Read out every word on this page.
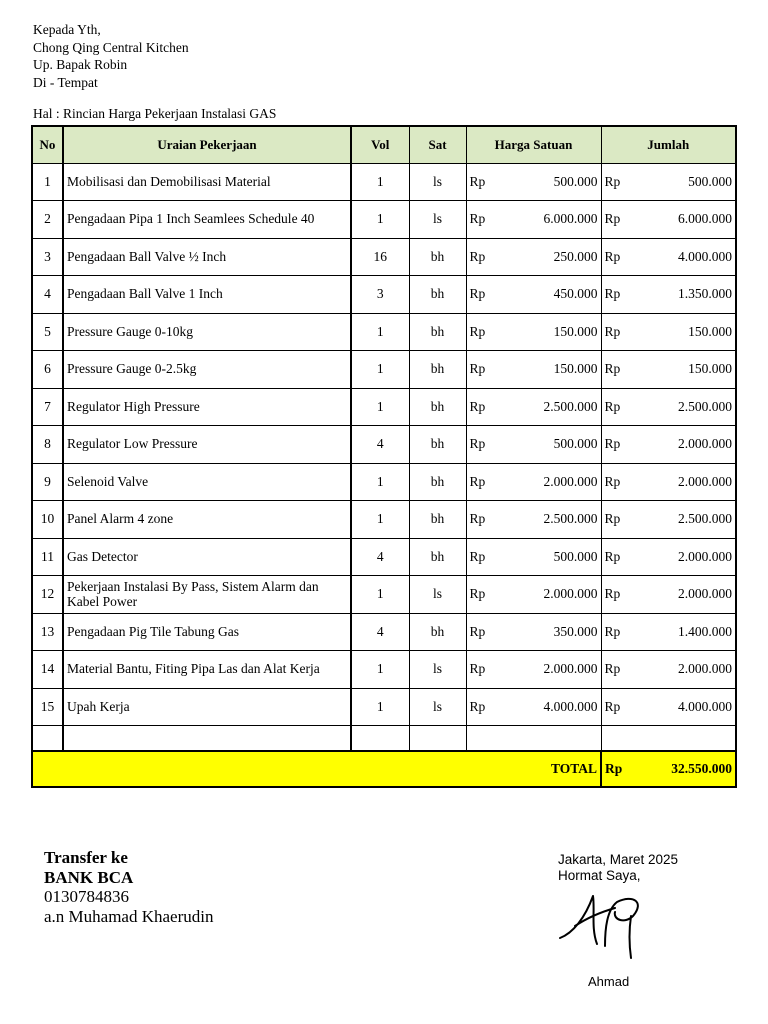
Kepada Yth,
Chong Qing Central Kitchen
Up. Bapak Robin
Di - Tempat
Hal : Rincian Harga Pekerjaan Instalasi GAS
No	Uraian Pekerjaan	Vol	Sat	Harga Satuan	Jumlah
1	Mobilisasi dan Demobilisasi Material	1	ls	Rp 500.000	Rp 500.000

2	Pengadaan Pipa 1 Inch Seamlees Schedule 40	1	ls	Rp 6.000.000	Rp 6.000.000

3	Pengadaan Ball Valve ½ Inch	16	bh	Rp 250.000	Rp 4.000.000

4	Pengadaan Ball Valve 1 Inch	3	bh	Rp 450.000	Rp 1.350.000

5	Pressure Gauge 0-10kg	1	bh	Rp 150.000	Rp 150.000

6	Pressure Gauge 0-2.5kg	1	bh	Rp 150.000	Rp 150.000

7	Regulator High Pressure	1	bh	Rp 2.500.000	Rp 2.500.000

8	Regulator Low Pressure	4	bh	Rp 500.000	Rp 2.000.000

9	Selenoid Valve	1	bh	Rp 2.000.000	Rp 2.000.000

10	Panel Alarm 4 zone	1	bh	Rp 2.500.000	Rp 2.500.000

11	Gas Detector	4	bh	Rp 500.000	Rp 2.000.000

12	Pekerjaan Instalasi By Pass, Sistem Alarm dan Kabel Power	1	ls	Rp 2.000.000	Rp 2.000.000

13	Pengadaan Pig Tile Tabung Gas	4	bh	Rp 350.000	Rp 1.400.000

14	Material Bantu, Fiting Pipa Las dan Alat Kerja	1	ls	Rp 2.000.000	Rp 2.000.000

15	Upah Kerja	1	ls	Rp 4.000.000	Rp 4.000.000

				TOTAL	Rp 32.550.000
Transfer ke
BANK BCA
0130784836
a.n Muhamad Khaerudin
Jakarta, Maret 2025
Hormat Saya,
Ahmad
